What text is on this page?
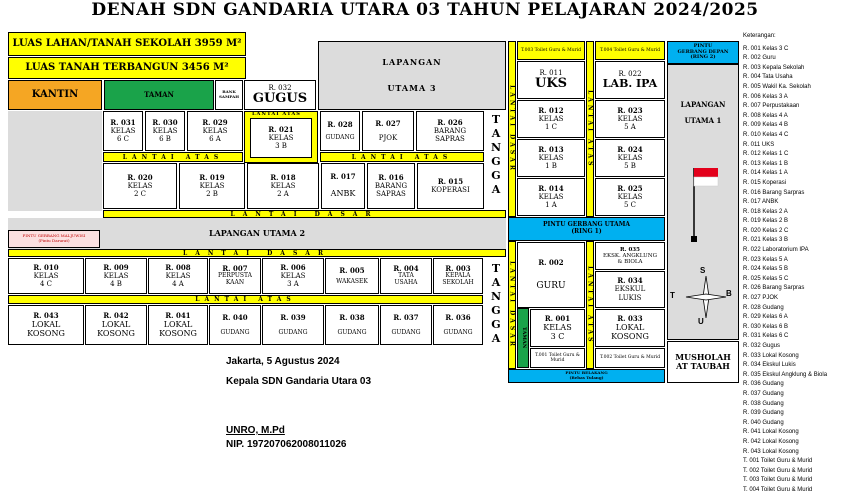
DENAH SDN GANDARIA UTARA 03 TAHUN PELAJARAN 2024/2025
LUAS LAHAN/TANAH SEKOLAH 3959 M²
LUAS TANAH TERBANGUN 3456 M²
KANTIN	TAMAN	BANK SAMPAH
R. 032
GUGUS
LAPANGAN

UTAMA 3
R. 031
KELAS
6 C
R. 030
KELAS
6 B
R. 029
KELAS
6 A
LANTAI ATAS
R. 021
KELAS
3 B
R. 028
GUDANG
R. 027
PJOK
R. 026
BARANG
SAPRAS
LANTAI ATAS	LANTAI ATAS
R. 020
KELAS
2 C
R. 019
KELAS
2 B
R. 018
KELAS
2 A
R. 017
ANBK
R. 016
BARANG
SAPRAS
R. 015
KOPERASI
TANGGA
LANTAI DASAR
LAPANGAN UTAMA 2
PINTU GERBANG MALJUWISI
(Pintu Darurat)
LANTAI DASAR
R. 010
KELAS
4 C
R. 009
KELAS
4 B
R. 008
KELAS
4 A
R. 007
PERPUSTA
KAAN
R. 006
KELAS
3 A
R. 005
WAKASEK
R. 004
TATA
USAHA
R. 003
KEPALA
SEKOLAH
LANTAI ATAS
R. 043
LOKAL
KOSONG
R. 042
LOKAL
KOSONG
R. 041
LOKAL
KOSONG
R. 040
GUDANG
R. 039
GUDANG
R. 038
GUDANG
R. 037
GUDANG
R. 036
GUDANG
TANGGA
LANTAI DASAR	LANTAI ATAS
LANTAI DASAR	LANTAI ATAS
T.003 Toilet Guru & Murid	T.004 Toilet Guru & Murid
R. 011
UKS
R. 022
LAB. IPA
PINTU
GERBANG DEPAN
(RING 2)
LAPANGAN
UTAMA 1
S
T	B
U
R. 012
KELAS
1 C
R. 013
KELAS
1 B
R. 014
KELAS
1 A
R. 023
KELAS
5 A
R. 024
KELAS
5 B
R. 025
KELAS
5 C
PINTU GERBANG UTAMA
(RING 1)
R. 002
GURU
R. 035
EKSK. ANGKLUNG
& BIOLA
R. 034
EKSKUL
LUKIS
TAMAN
R. 001
KELAS
3 C
R. 033
LOKAL
KOSONG
T.001 Toilet Guru & Murid
T.002 Toilet Guru & Murid MUSHOLAH
AT TAUBAH
PINTU BELAKANG
(Bebas Tulang)
Jakarta, 5 Agustus 2024
Kepala SDN Gandaria Utara 03
UNRO, M.Pd
NIP. 197207062008011026
Keterangan:
R. 001 Kelas 3 C
R. 002 Guru
R. 003 Kepala Sekolah
R. 004 Tata Usaha
R. 005 Wakil Ka. Sekolah
R. 006 Kelas 3 A
R. 007 Perpustakaan
R. 008 Kelas 4 A
R. 009 Kelas 4 B
R. 010 Kelas 4 C
R. 011 UKS
R. 012 Kelas 1 C
R. 013 Kelas 1 B
R. 014 Kelas 1 A
R. 015 Koperasi
R. 016 Barang Sarpras
R. 017 ANBK
R. 018 Kelas 2 A
R. 019 Kelas 2 B
R. 020 Kelas 2 C
R. 021 Kelas 3 B
R. 022 Laboratorium IPA
R. 023 Kelas 5 A
R. 024 Kelas 5 B
R. 025 Kelas 5 C
R. 026 Barang Sarpras
R. 027 PJOK
R. 028 Gudang
R. 029 Kelas 6 A
R. 030 Kelas 6 B
R. 031 Kelas 6 C
R. 032 Gugus
R. 033 Lokal Kosong
R. 034 Ekskul Lukis
R. 035 Ekskul Angklung & Biola
R. 036 Gudang
R. 037 Gudang
R. 038 Gudang
R. 039 Gudang
R. 040 Gudang
R. 041 Lokal Kosong
R. 042 Lokal Kosong
R. 043 Lokal Kosong
T. 001 Toilet Guru & Murid
T. 002 Toilet Guru & Murid
T. 003 Toilet Guru & Murid
T. 004 Toilet Guru & Murid
